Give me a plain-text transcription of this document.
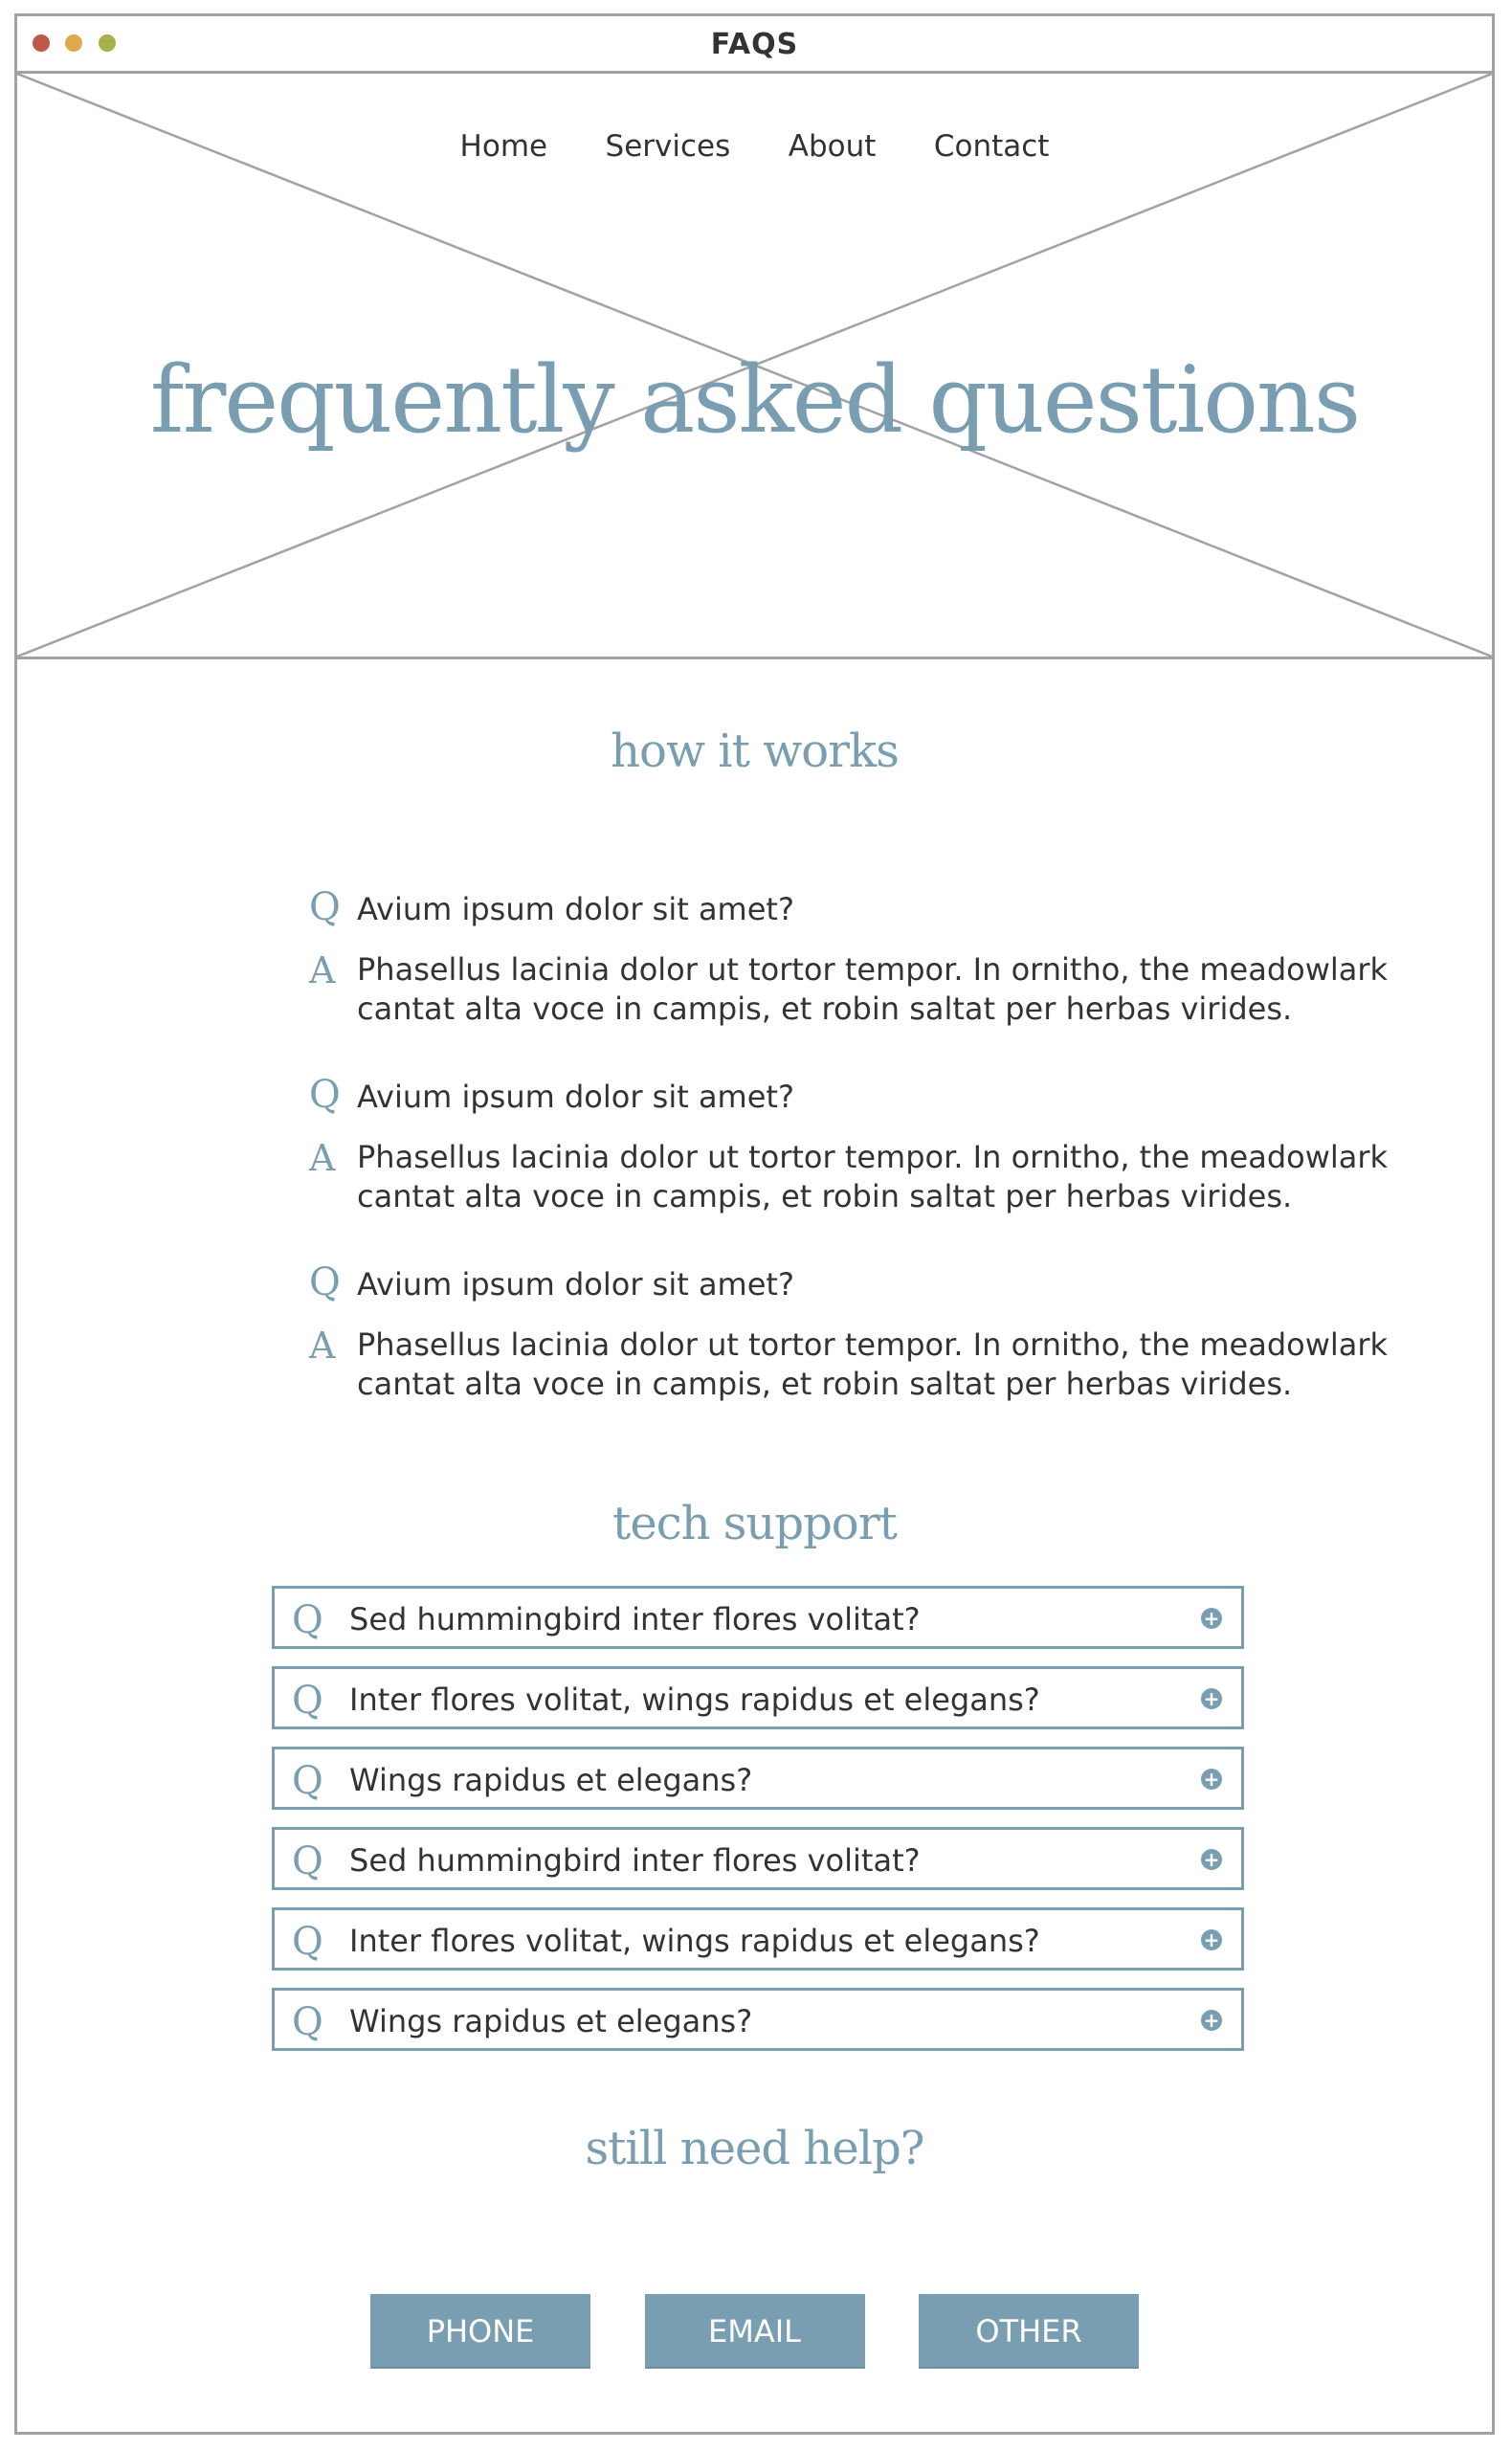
FAQS
Home Services About Contact
frequently asked questions
how it works
Q Avium ipsum dolor sit amet?
A Phasellus lacinia dolor ut tortor tempor. In ornitho, the meadowlark cantat alta voce in campis, et robin saltat per herbas virides.
Q Avium ipsum dolor sit amet?
A Phasellus lacinia dolor ut tortor tempor. In ornitho, the meadowlark cantat alta voce in campis, et robin saltat per herbas virides.
Q Avium ipsum dolor sit amet?
A Phasellus lacinia dolor ut tortor tempor. In ornitho, the meadowlark cantat alta voce in campis, et robin saltat per herbas virides.
tech support
Q Sed hummingbird inter flores volitat?	+
Q Inter flores volitat, wings rapidus et elegans?	+
Q Wings rapidus et elegans?	+
Q Sed hummingbird inter flores volitat?	+
Q Inter flores volitat, wings rapidus et elegans?	+
Q Wings rapidus et elegans?	+
still need help?
PHONE	EMAIL	OTHER
